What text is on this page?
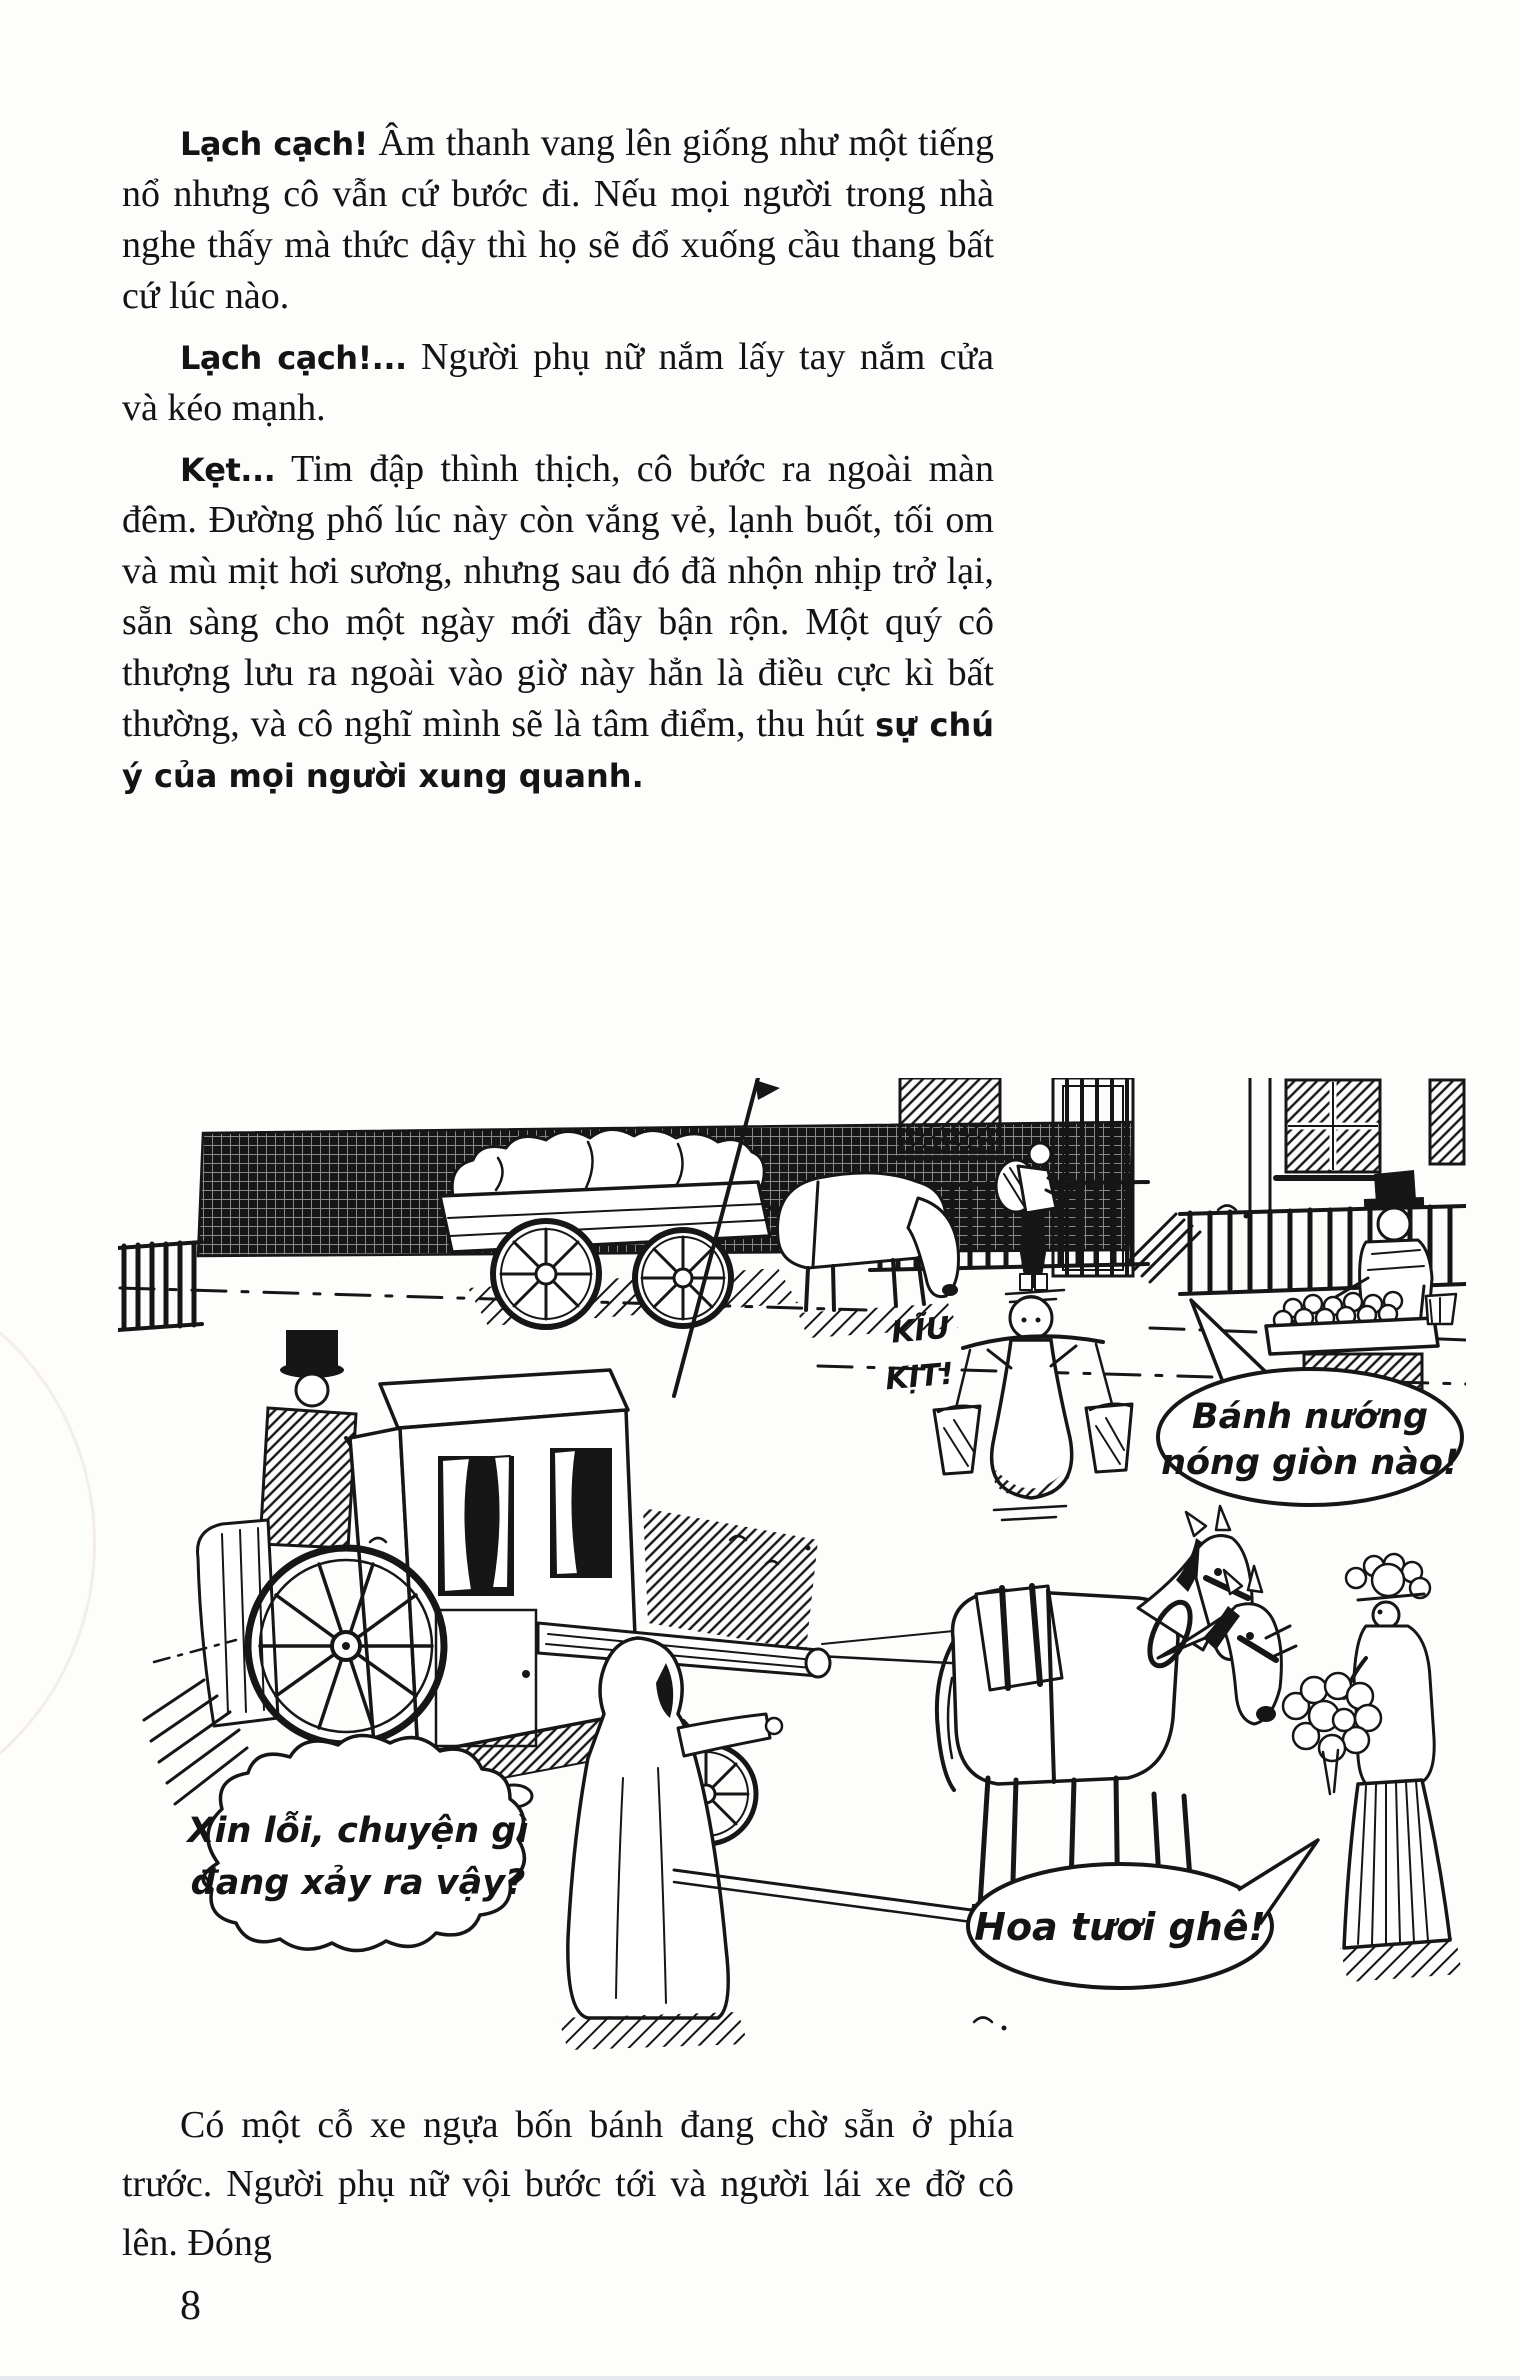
Lạch cạch! Âm thanh vang lên giống như một tiếng nổ nhưng cô vẫn cứ bước đi. Nếu mọi người trong nhà nghe thấy mà thức dậy thì họ sẽ đổ xuống cầu thang bất cứ lúc nào.

Lạch cạch!... Người phụ nữ nắm lấy tay nắm cửa và kéo mạnh.

Kẹt... Tim đập thình thịch, cô bước ra ngoài màn đêm. Đường phố lúc này còn vắng vẻ, lạnh buốt, tối om và mù mịt hơi sương, nhưng sau đó đã nhộn nhịp trở lại, sẵn sàng cho một ngày mới đầy bận rộn. Một quý cô thượng lưu ra ngoài vào giờ này hẳn là điều cực kì bất thường, và cô nghĩ mình sẽ là tâm điểm, thu hút sự chú ý của mọi người xung quanh.

KĨU
KỊT!
Bánh nướng
nóng giòn nào!
Xin lỗi, chuyện gì
đang xảy ra vậy?
Hoa tươi ghê!

Có một cỗ xe ngựa bốn bánh đang chờ sẵn ở phía trước. Người phụ nữ vội bước tới và người lái xe đỡ cô lên. Đóng

8
